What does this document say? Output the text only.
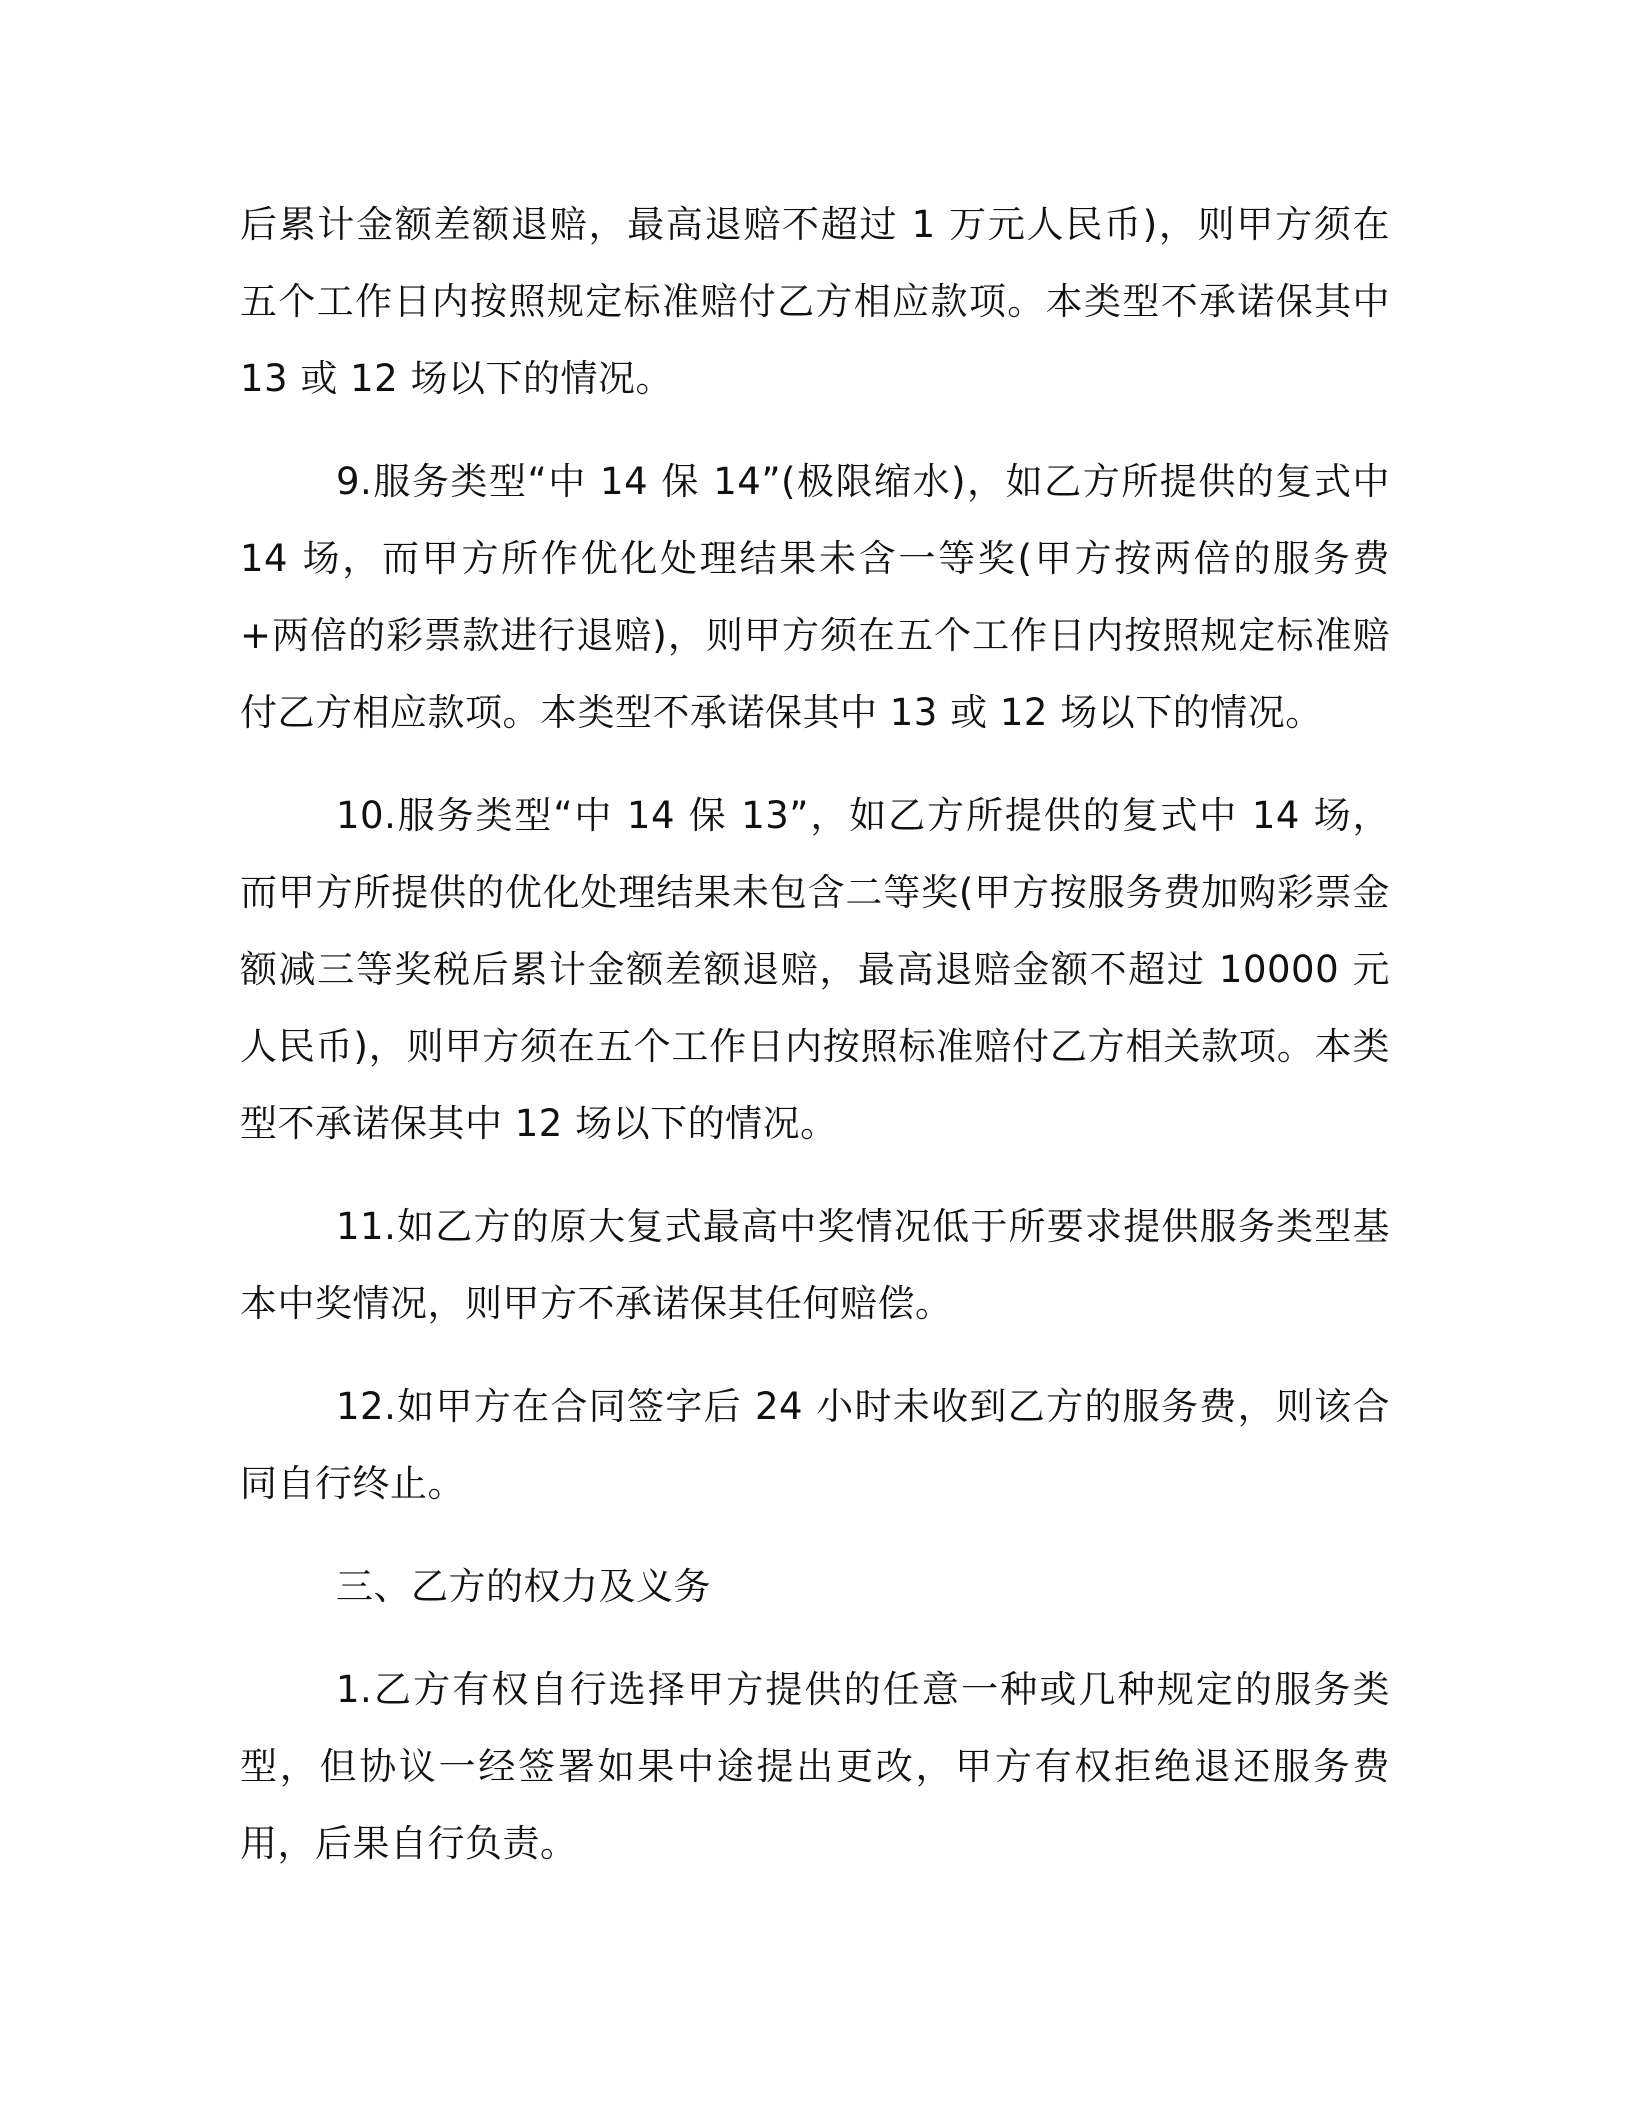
后累计金额差额退赔，最高退赔不超过 1 万元人民币)，则甲方须在五个工作日内按照规定标准赔付乙方相应款项。本类型不承诺保其中 13 或 12 场以下的情况。

9.服务类型“中 14 保 14”(极限缩水)，如乙方所提供的复式中 14 场，而甲方所作优化处理结果未含一等奖(甲方按两倍的服务费+两倍的彩票款进行退赔)，则甲方须在五个工作日内按照规定标准赔付乙方相应款项。本类型不承诺保其中 13 或 12 场以下的情况。

10.服务类型“中 14 保 13”，如乙方所提供的复式中 14 场，而甲方所提供的优化处理结果未包含二等奖(甲方按服务费加购彩票金额减三等奖税后累计金额差额退赔，最高退赔金额不超过 10000 元人民币)，则甲方须在五个工作日内按照标准赔付乙方相关款项。本类型不承诺保其中 12 场以下的情况。

11.如乙方的原大复式最高中奖情况低于所要求提供服务类型基本中奖情况，则甲方不承诺保其任何赔偿。

12.如甲方在合同签字后 24 小时未收到乙方的服务费，则该合同自行终止。

三、乙方的权力及义务

1.乙方有权自行选择甲方提供的任意一种或几种规定的服务类型，但协议一经签署如果中途提出更改，甲方有权拒绝退还服务费用，后果自行负责。
